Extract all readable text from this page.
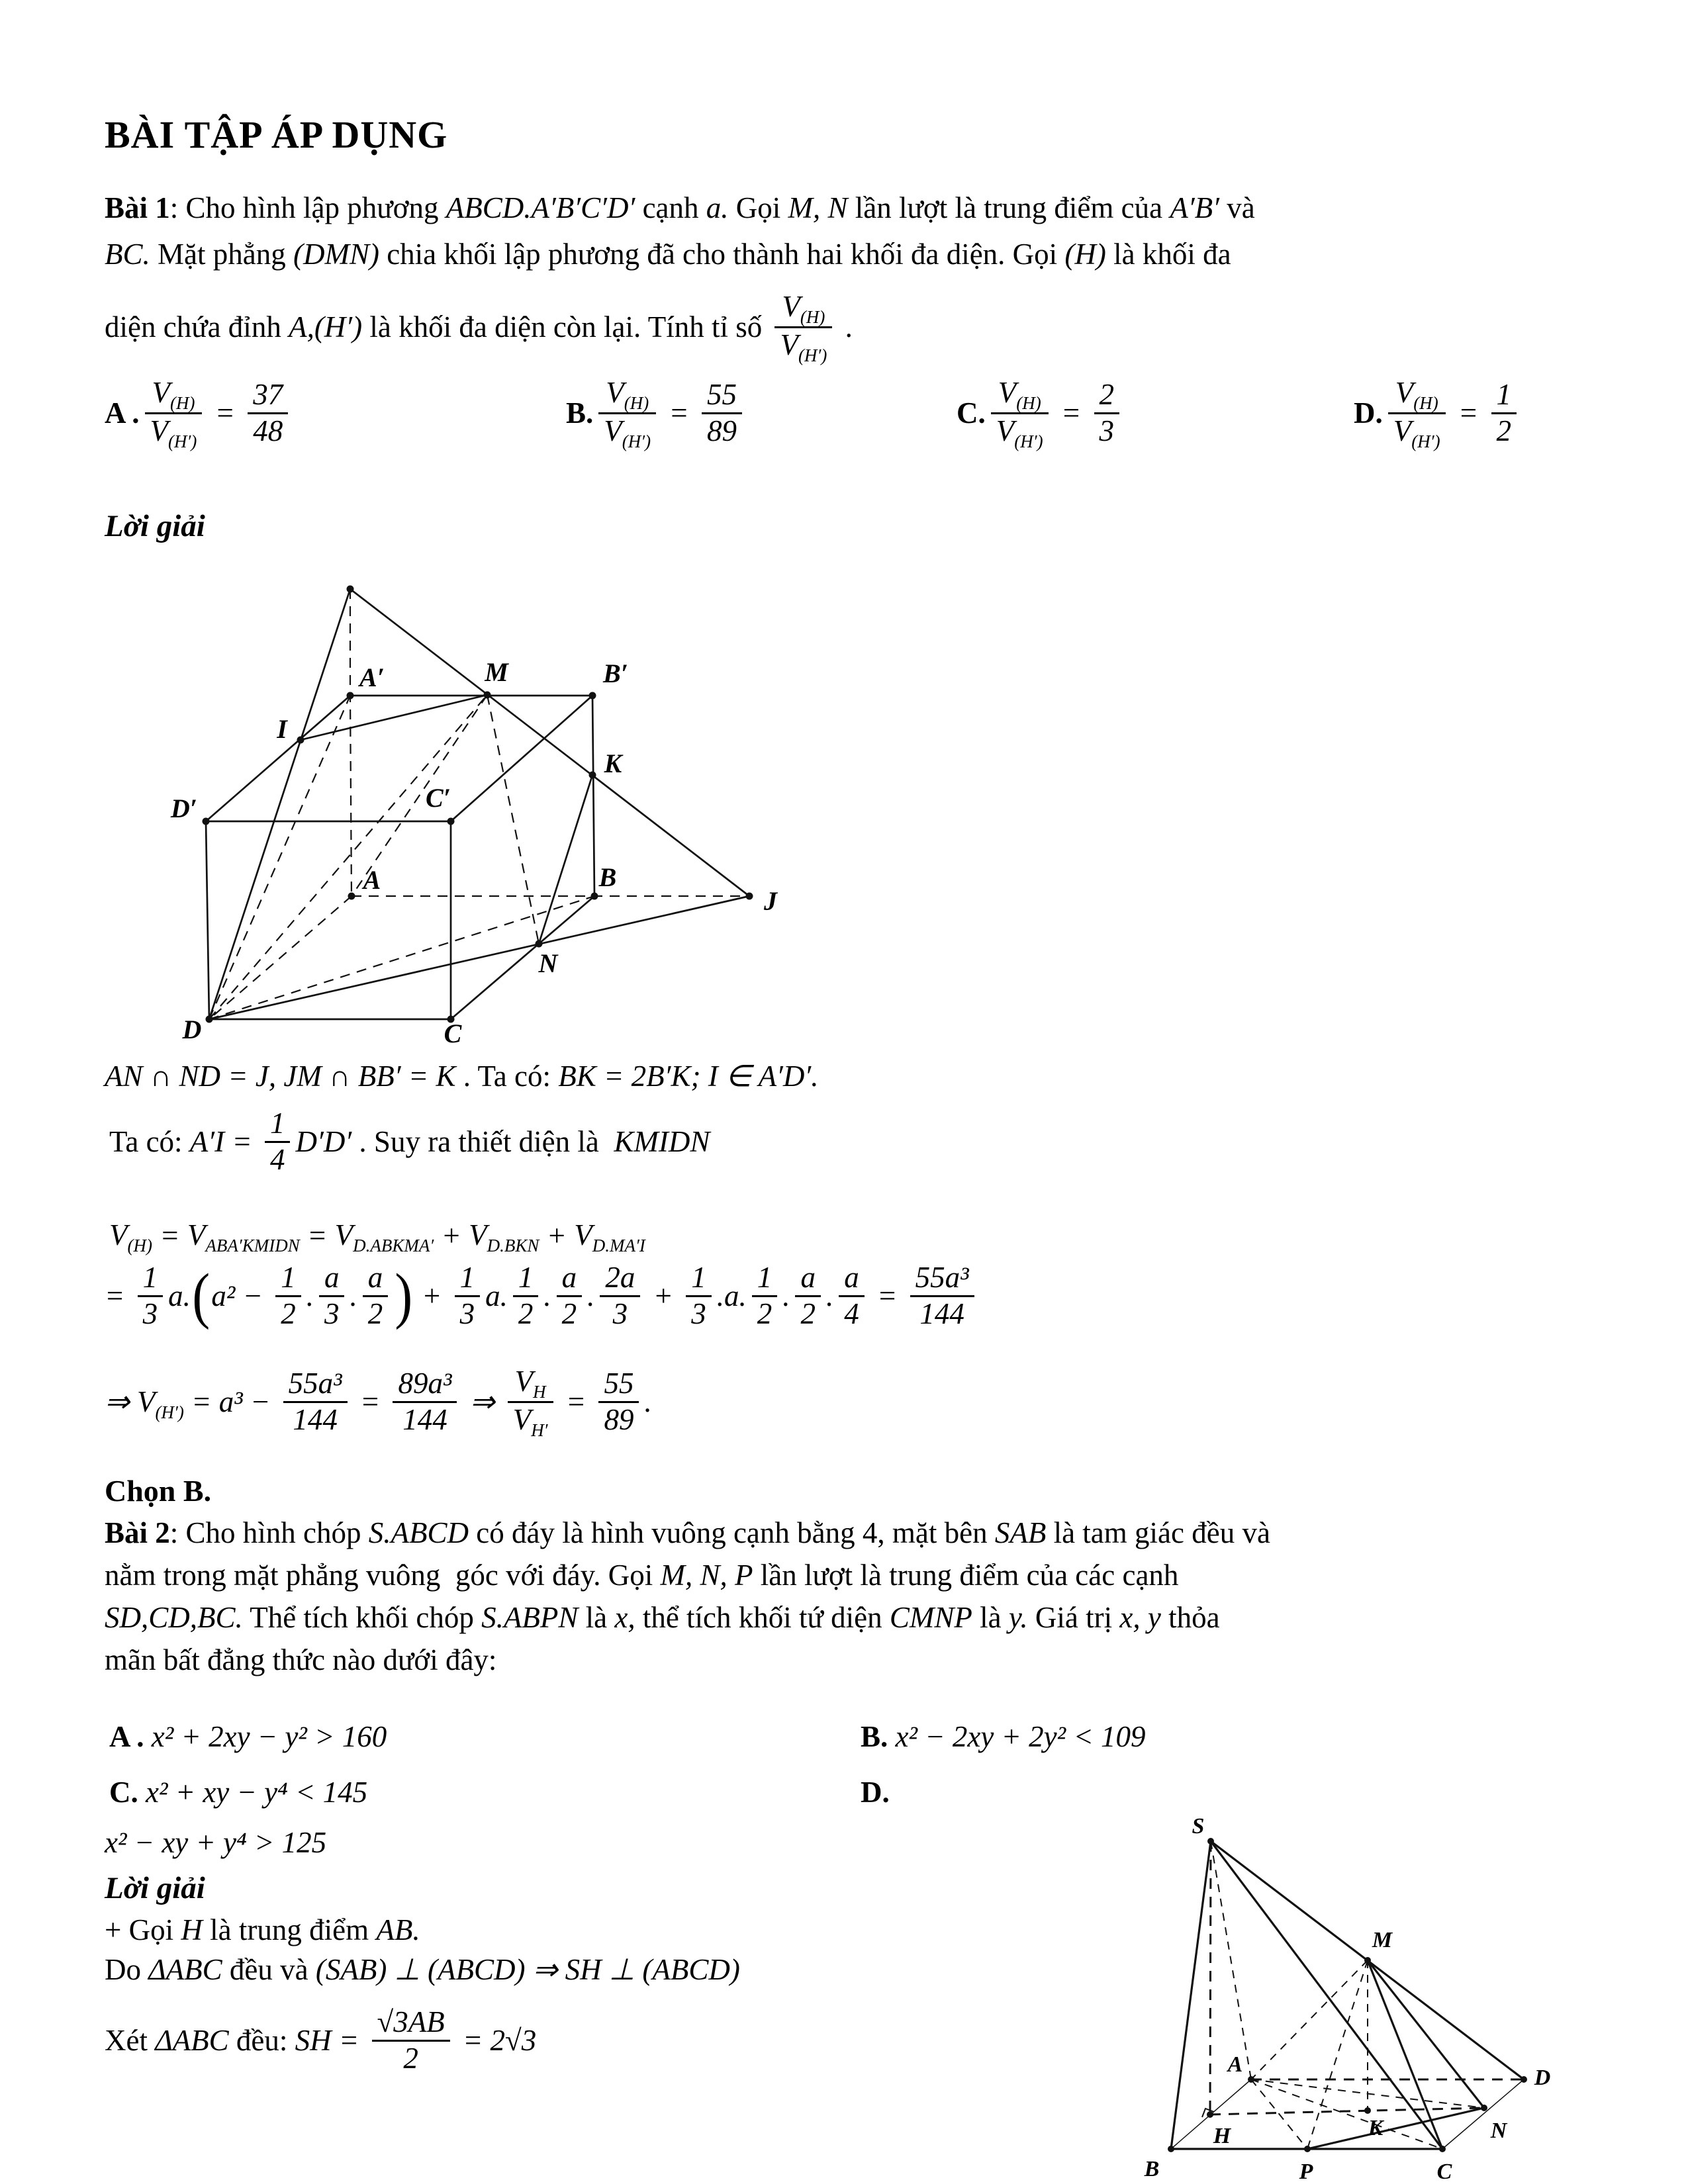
BÀI TẬP ÁP DỤNG
Bài 1 : Cho hình lập phương ABCD.A′B′C′D′ cạnh a. Gọi M, N lần lượt là trung điểm của A′B′ và
BC. Mặt phẳng (DMN) chia khối lập phương đã cho thành hai khối đa diện. Gọi (H) là khối đa
diện chứa đỉnh A,(H′) là khối đa diện còn lại. Tính tỉ số $\frac{V_{(H)}}{V_{(H')}}$ .
A . $\frac{V_{(H)}}{V_{(H')}} = \frac{37}{48}$	B. $\frac{V_{(H)}}{V_{(H')}} = \frac{55}{89}$	C. $\frac{V_{(H)}}{V_{(H')}} = \frac{2}{3}$	D. $\frac{V_{(H)}}{V_{(H')}} = \frac{1}{2}$
Lời giải
A′	M	B′
I
K
D′	C′
A	B
J
N
D	C
AN ∩ ND = J, JM ∩ BB′ = K . Ta có: BK = 2B′K; I ∈ A′D′.
Ta có: $A'I = \frac{1}{4} D'D'$ . Suy ra thiết diện là KMIDN
$V_{(H)} = V_{ABA'KMIDN} = V_{D.ABKMA'} + V_{D.BKN} + V_{D.MA'I}$
= $\frac{1}{3} a$. ( $a^2 - \frac{1}{2}$ . $\frac{a}{3}$ . $\frac{a}{2}$ ) + $\frac{1}{3} a$. $\frac{1}{2}$ . $\frac{a}{2}$ . $\frac{2a}{3} + \frac{1}{3} .a$. $\frac{1}{2}$ . $\frac{a}{2}$ . $\frac{a}{4} = \frac{\text{55a³}}{144}$
⇒ $V_{(H')} = a^3 - \frac{\text{55a³}}{144} = \frac{\text{89a³}}{144}$ ⇒ $\frac{V_H}{V_{H'}} = \frac{55}{89}$ .
Chọn B.
Bài 2 : Cho hình chóp S.ABCD có đáy là hình vuông cạnh bằng 4, mặt bên SAB là tam giác đều và
nằm trong mặt phẳng vuông  góc với đáy. Gọi M, N, P lần lượt là trung điểm của các cạnh
SD,CD,BC. Thể tích khối chóp S.ABPN là x, thể tích khối tứ diện CMNP là y. Giá trị x, y thỏa
mãn bất đẳng thức nào dưới đây:
A . x² + 2xy − y² > 160	B. x² − 2xy + 2y² < 109
C. x² + xy − y⁴ < 145	D.
x² − xy + y⁴ > 125
Lời giải
+ Gọi H là trung điểm AB.
Do ΔABC đều và (SAB) ⊥ (ABCD) ⇒ SH ⊥ (ABCD)
Xét ΔABC đều: SH = $\frac{√3AB}{2} = 2√3$
S
M
A
D
H	K	N
B	P	C
